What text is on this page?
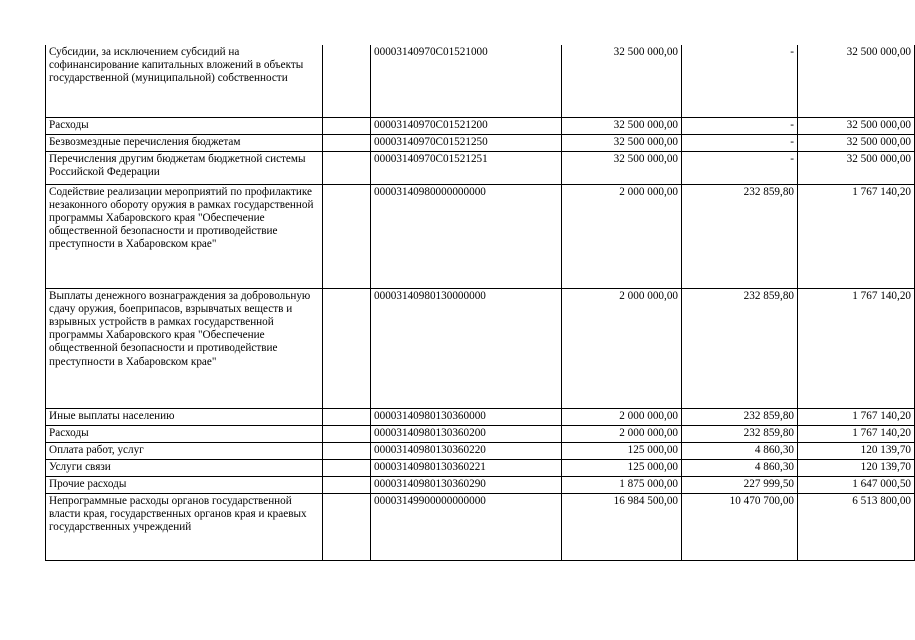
Субсидии, за исключением субсидий на софинансирование капитальных вложений в объекты государственной (муниципальной) собственности		00003140970C01521000	32 500 000,00	-	32 500 000,00
Расходы		00003140970C01521200	32 500 000,00	-	32 500 000,00
Безвозмездные перечисления бюджетам		00003140970C01521250	32 500 000,00	-	32 500 000,00
Перечисления другим бюджетам бюджетной системы Российской Федерации		00003140970C01521251	32 500 000,00	-	32 500 000,00
Содействие реализации мероприятий по профилактике незаконного обороту оружия в рамках государственной программы Хабаровского края "Обеспечение общественной безопасности и противодействие преступности в Хабаровском крае"		00003140980000000000	2 000 000,00	232 859,80	1 767 140,20
Выплаты денежного вознаграждения за добровольную сдачу оружия, боеприпасов, взрывчатых веществ и взрывных устройств в рамках государственной программы Хабаровского края "Обеспечение общественной безопасности и противодействие преступности в Хабаровском крае"		00003140980130000000	2 000 000,00	232 859,80	1 767 140,20
Иные выплаты населению		00003140980130360000	2 000 000,00	232 859,80	1 767 140,20
Расходы		00003140980130360200	2 000 000,00	232 859,80	1 767 140,20
Оплата работ, услуг		00003140980130360220	125 000,00	4 860,30	120 139,70
Услуги связи		00003140980130360221	125 000,00	4 860,30	120 139,70
Прочие расходы		00003140980130360290	1 875 000,00	227 999,50	1 647 000,50
Непрограммные расходы органов государственной власти края, государственных органов края и краевых государственных учреждений		00003149900000000000	16 984 500,00	10 470 700,00	6 513 800,00
